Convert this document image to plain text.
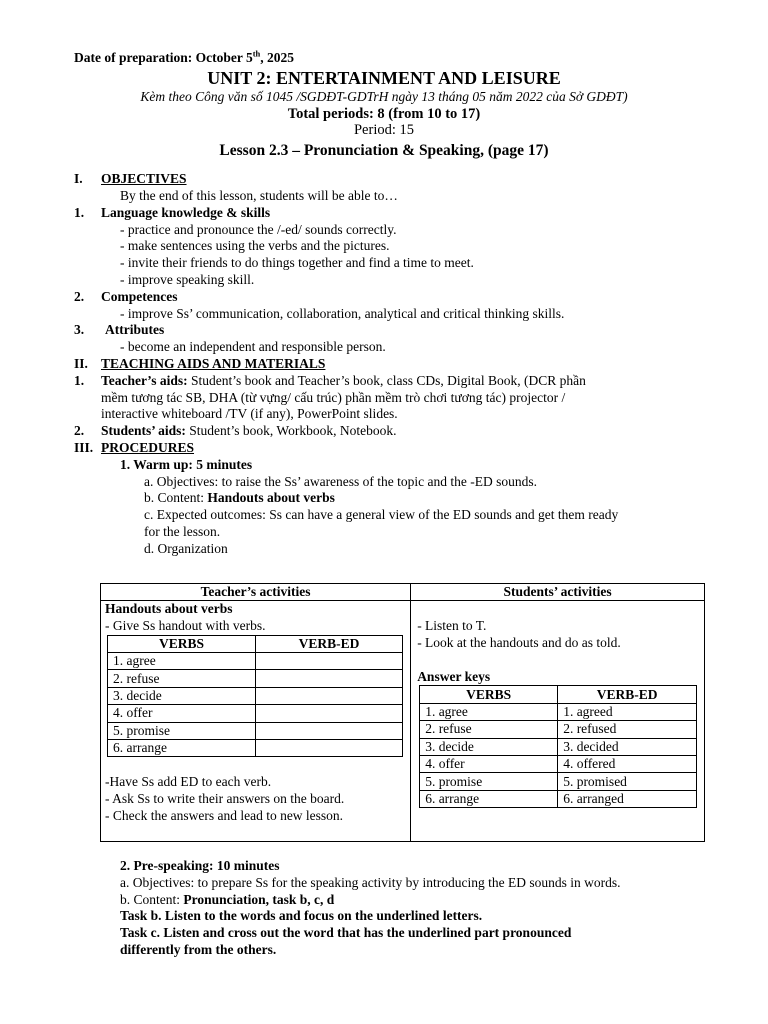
Date of preparation: October 5th, 2025
UNIT 2: ENTERTAINMENT AND LEISURE
Kèm theo Công văn số 1045 /SGDĐT-GDTrH ngày 13 tháng 05 năm 2022 của Sở GDĐT)
Total periods: 8 (from 10 to 17)
Period: 15
Lesson 2.3 – Pronunciation & Speaking, (page 17)
I.	OBJECTIVES
By the end of this lesson, students will be able to…
1.	Language knowledge & skills
- practice and pronounce the /-ed/ sounds correctly.
- make sentences using the verbs and the pictures.
- invite their friends to do things together and find a time to meet.
- improve speaking skill.
2.	Competences
- improve Ss’ communication, collaboration, analytical and critical thinking skills.
3.	Attributes
- become an independent and responsible person.
II. TEACHING AIDS AND MATERIALS
1.	Teacher’s aids: Student’s book and Teacher’s book, class CDs, Digital Book, (DCR phần
mềm tương tác SB, DHA (từ vựng/ cấu trúc) phần mềm trò chơi tương tác) projector /
interactive whiteboard /TV (if any), PowerPoint slides.
2.	Students’ aids: Student’s book, Workbook, Notebook.
III. PROCEDURES
1. Warm up: 5 minutes
a. Objectives: to raise the Ss’ awareness of the topic and the -ED sounds.
b. Content: Handouts about verbs
c. Expected outcomes: Ss can have a general view of the ED sounds and get them ready
for the lesson.
d. Organization
Teacher’s activities	Students’ activities

Handouts about verbs
- Give Ss handout with verbs.
VERBS	VERB-ED
1. agree	
2. refuse	
3. decide	
4. offer	
5. promise	
6. arrange	
-Have Ss add ED to each verb.
- Ask Ss to write their answers on the board.
- Check the answers and lead to new lesson.

- Listen to T.
- Look at the handouts and do as told.
Answer keys
VERBS	VERB-ED
1. agree	1. agreed
2. refuse	2. refused
3. decide	3. decided
4. offer	4. offered
5. promise	5. promised
6. arrange	6. arranged
2. Pre-speaking: 10 minutes
a. Objectives: to prepare Ss for the speaking activity by introducing the ED sounds in words.
b. Content: Pronunciation, task b, c, d
Task b. Listen to the words and focus on the underlined letters.
Task c. Listen and cross out the word that has the underlined part pronounced
differently from the others.
